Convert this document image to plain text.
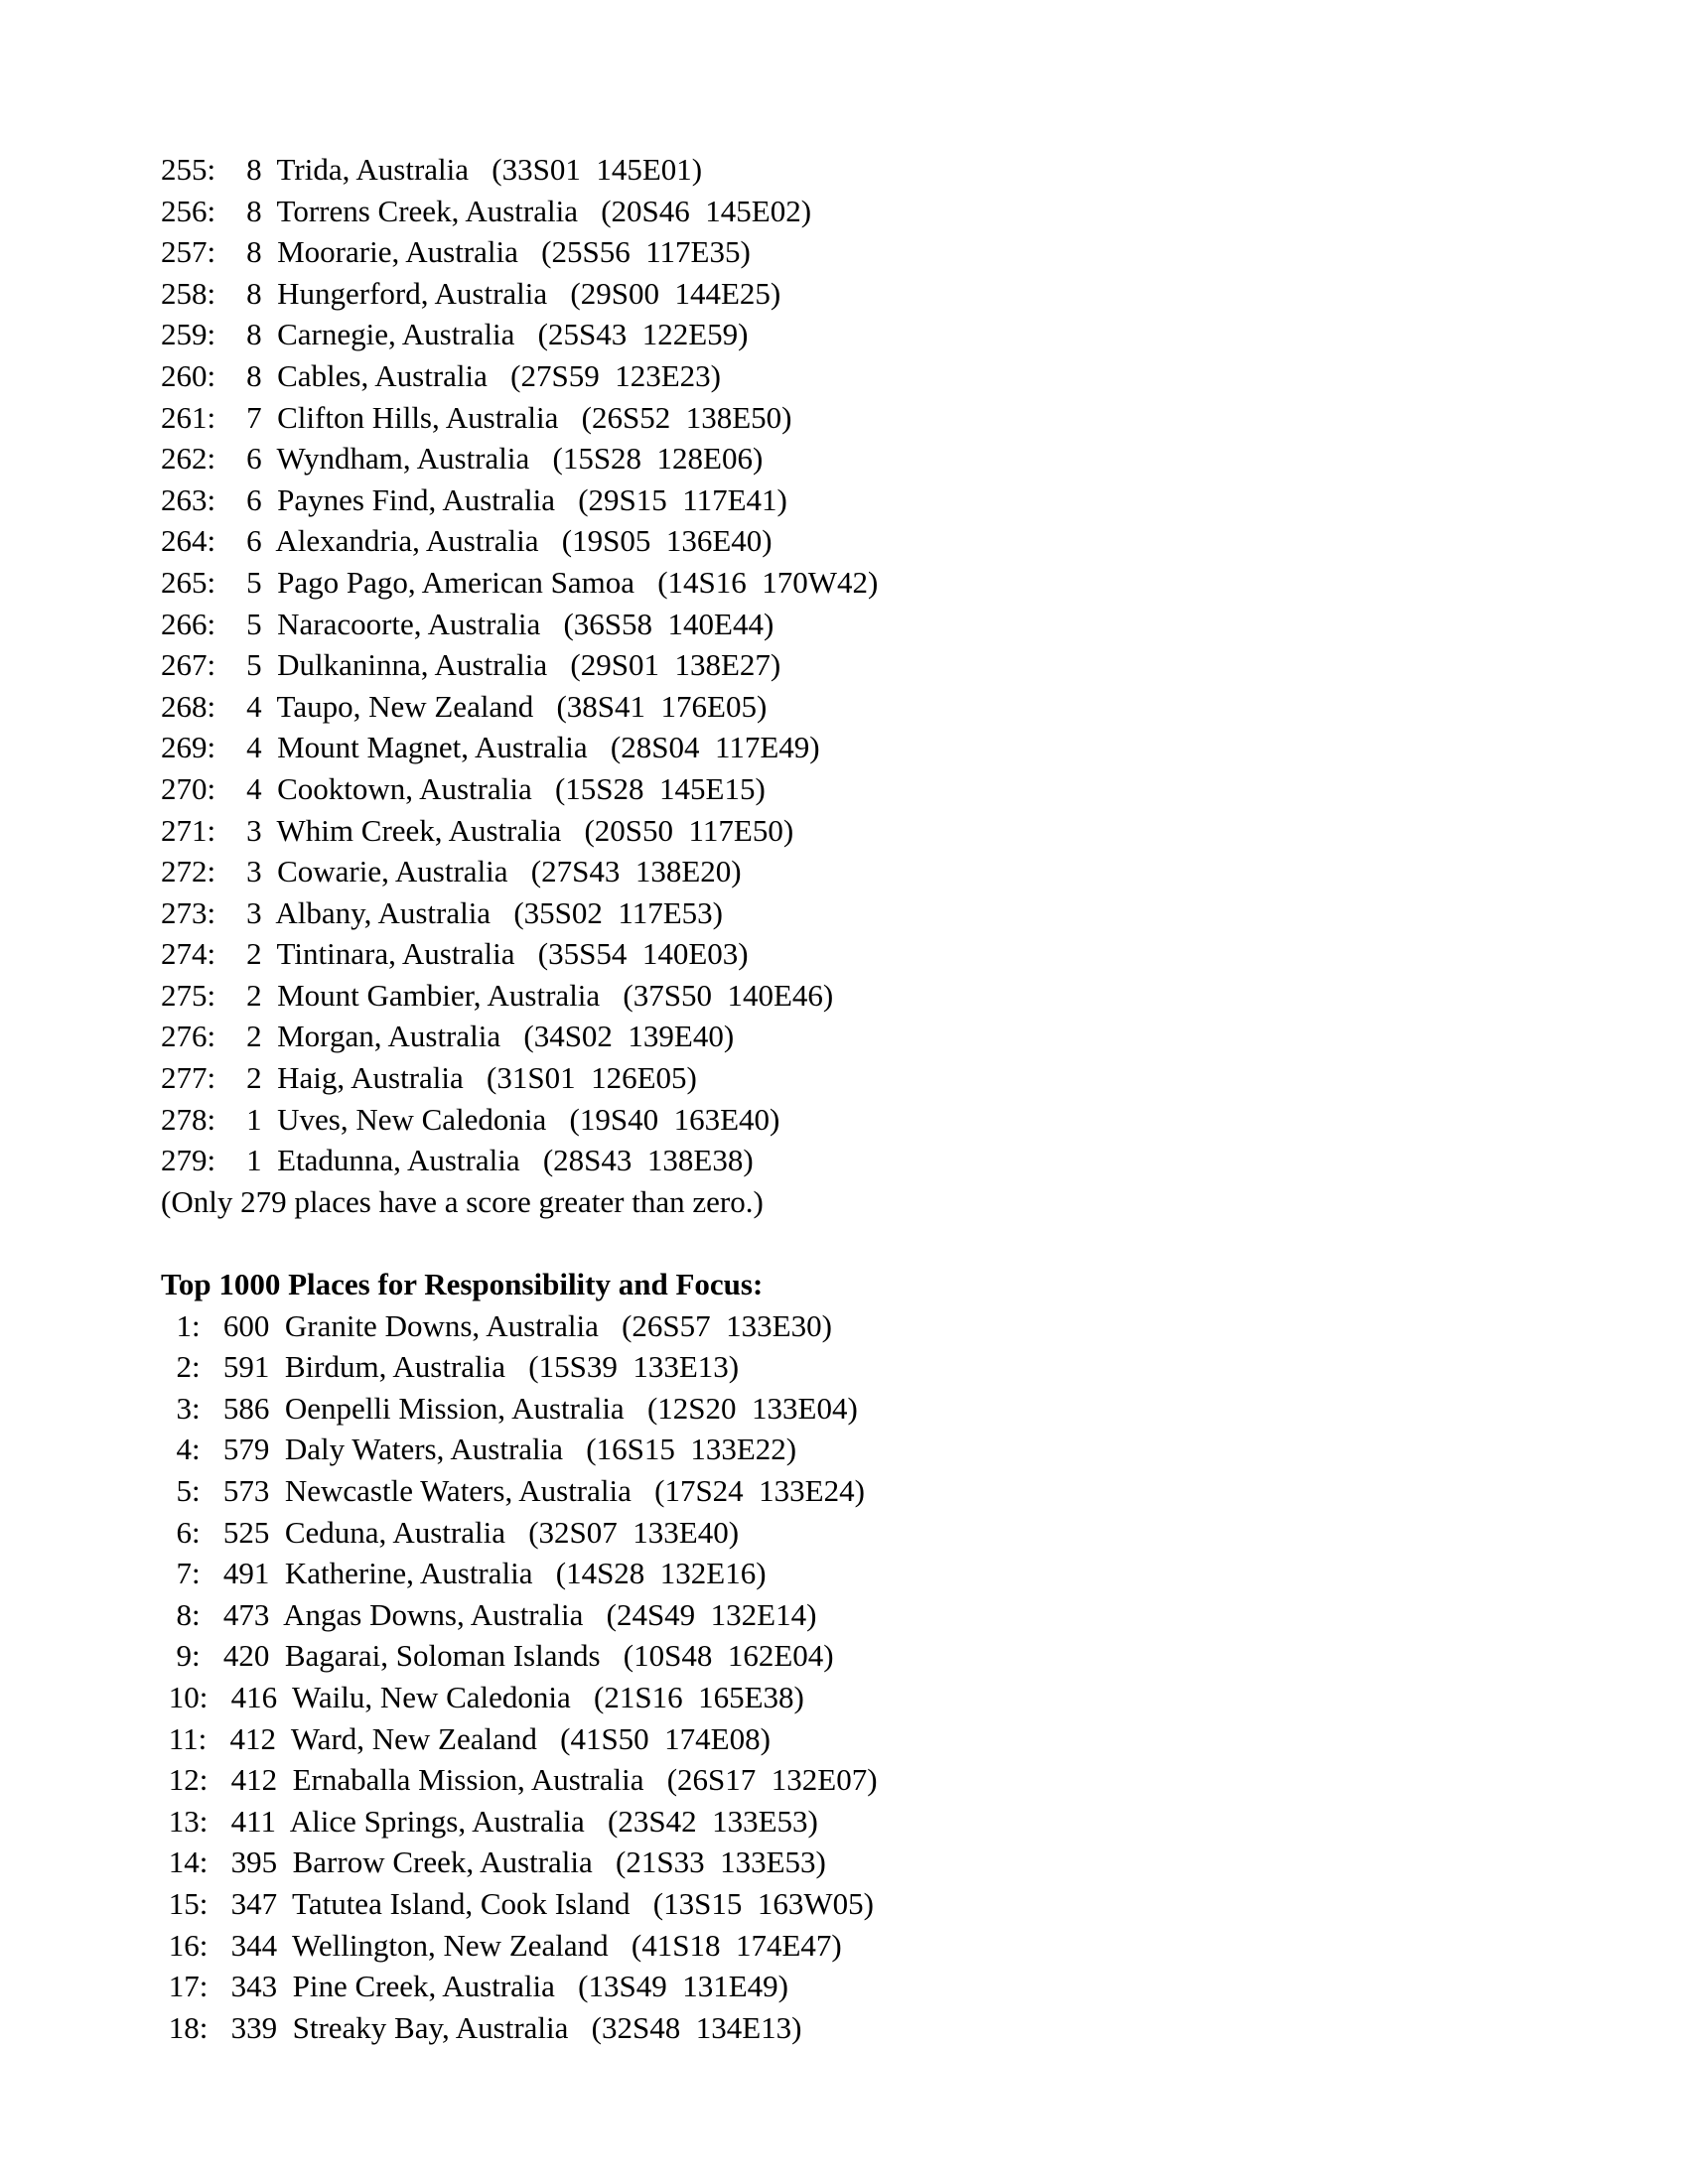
255:    8  Trida, Australia   (33S01  145E01)
256:    8  Torrens Creek, Australia   (20S46  145E02)
257:    8  Moorarie, Australia   (25S56  117E35)
258:    8  Hungerford, Australia   (29S00  144E25)
259:    8  Carnegie, Australia   (25S43  122E59)
260:    8  Cables, Australia   (27S59  123E23)
261:    7  Clifton Hills, Australia   (26S52  138E50)
262:    6  Wyndham, Australia   (15S28  128E06)
263:    6  Paynes Find, Australia   (29S15  117E41)
264:    6  Alexandria, Australia   (19S05  136E40)
265:    5  Pago Pago, American Samoa   (14S16  170W42)
266:    5  Naracoorte, Australia   (36S58  140E44)
267:    5  Dulkaninna, Australia   (29S01  138E27)
268:    4  Taupo, New Zealand   (38S41  176E05)
269:    4  Mount Magnet, Australia   (28S04  117E49)
270:    4  Cooktown, Australia   (15S28  145E15)
271:    3  Whim Creek, Australia   (20S50  117E50)
272:    3  Cowarie, Australia   (27S43  138E20)
273:    3  Albany, Australia   (35S02  117E53)
274:    2  Tintinara, Australia   (35S54  140E03)
275:    2  Mount Gambier, Australia   (37S50  140E46)
276:    2  Morgan, Australia   (34S02  139E40)
277:    2  Haig, Australia   (31S01  126E05)
278:    1  Uves, New Caledonia   (19S40  163E40)
279:    1  Etadunna, Australia   (28S43  138E38)
(Only 279 places have a score greater than zero.)
Top 1000 Places for Responsibility and Focus:
1:   600  Granite Downs, Australia   (26S57  133E30)
2:   591  Birdum, Australia   (15S39  133E13)
3:   586  Oenpelli Mission, Australia   (12S20  133E04)
4:   579  Daly Waters, Australia   (16S15  133E22)
5:   573  Newcastle Waters, Australia   (17S24  133E24)
6:   525  Ceduna, Australia   (32S07  133E40)
7:   491  Katherine, Australia   (14S28  132E16)
8:   473  Angas Downs, Australia   (24S49  132E14)
9:   420  Bagarai, Soloman Islands   (10S48  162E04)
10:   416  Wailu, New Caledonia   (21S16  165E38)
11:   412  Ward, New Zealand   (41S50  174E08)
12:   412  Ernaballa Mission, Australia   (26S17  132E07)
13:   411  Alice Springs, Australia   (23S42  133E53)
14:   395  Barrow Creek, Australia   (21S33  133E53)
15:   347  Tatutea Island, Cook Island   (13S15  163W05)
16:   344  Wellington, New Zealand   (41S18  174E47)
17:   343  Pine Creek, Australia   (13S49  131E49)
18:   339  Streaky Bay, Australia   (32S48  134E13)
